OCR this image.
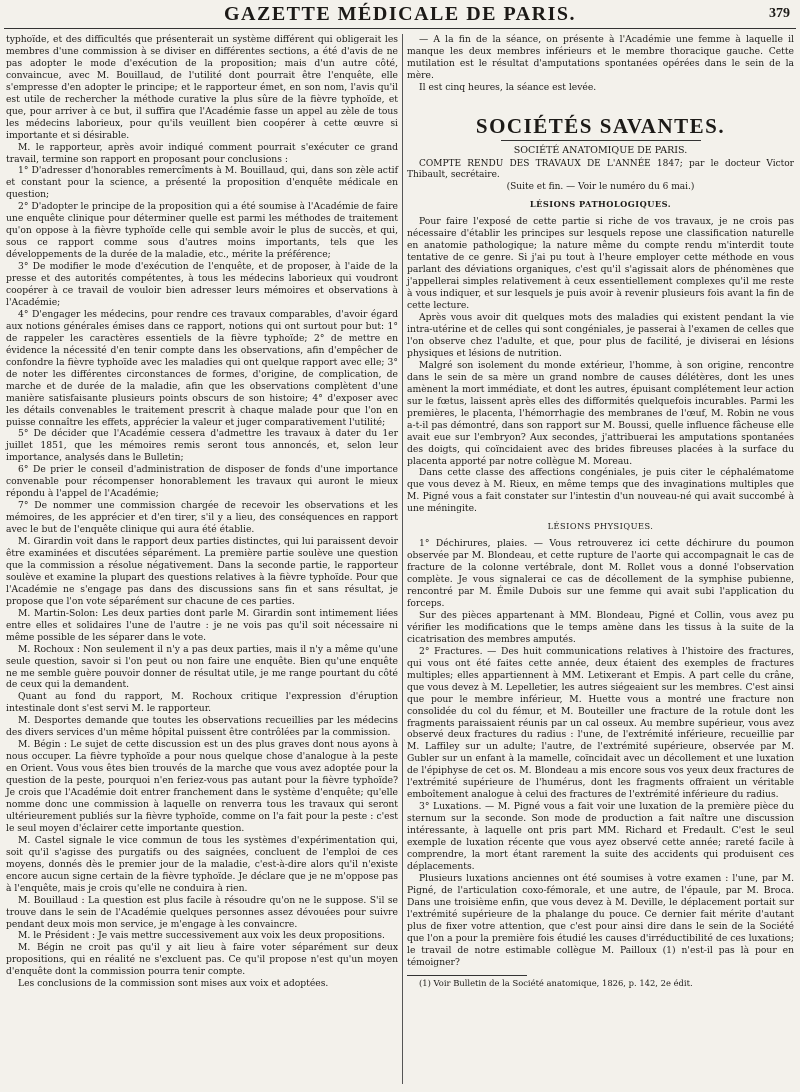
GAZETTE MÉDICALE DE PARIS.	379

typhoïde, et des difficultés que présenterait un système différent qui obligerait les membres d'une commission à se diviser en différentes sections, a été d'avis de ne pas adopter le mode d'exécution de la proposition; mais d'un autre côté, convaincue, avec M. Bouillaud, de l'utilité dont pourrait être l'enquête, elle s'empresse d'en adopter le principe; et le rapporteur émet, en son nom, l'avis qu'il est utile de rechercher la méthode curative la plus sûre de la fièvre typhoïde, et que, pour arriver à ce but, il suffira que l'Académie fasse un appel au zèle de tous les médecins laborieux, pour qu'ils veuillent bien coopérer à cette œuvre si importante et si désirable.

M. le rapporteur, après avoir indiqué comment pourrait s'exécuter ce grand travail, termine son rapport en proposant pour conclusions :

1° D'adresser d'honorables remercîments à M. Bouillaud, qui, dans son zèle actif et constant pour la science, a présenté la proposition d'enquête médicale en question;

2° D'adopter le principe de la proposition qui a été soumise à l'Académie de faire une enquête clinique pour déterminer quelle est parmi les méthodes de traitement qu'on oppose à la fièvre typhoïde celle qui semble avoir le plus de succès, et qui, sous ce rapport comme sous d'autres moins importants, tels que les développements de la durée de la maladie, etc., mérite la préférence;

3° De modifier le mode d'exécution de l'enquête, et de proposer, à l'aide de la presse et des autorités compétentes, à tous les médecins laborieux qui voudront coopérer à ce travail de vouloir bien adresser leurs mémoires et observations à l'Académie;

4° D'engager les médecins, pour rendre ces travaux comparables, d'avoir égard aux notions générales émises dans ce rapport, notions qui ont surtout pour but: 1° de rappeler les caractères essentiels de la fièvre typhoïde; 2° de mettre en évidence la nécessité d'en tenir compte dans les observations, afin d'empêcher de confondre la fièvre typhoïde avec les maladies qui ont quelque rapport avec elle; 3° de noter les différentes circonstances de formes, d'origine, de complication, de marche et de durée de la maladie, afin que les observations complètent d'une manière satisfaisante plusieurs points obscurs de son histoire; 4° d'exposer avec les détails convenables le traitement prescrit à chaque malade pour que l'on en puisse connaître les effets, apprécier la valeur et juger comparativement l'utilité;

5° De décider que l'Académie cessera d'admettre les travaux à dater du 1er juillet 1851, que les mémoires remis seront tous annoncés, et, selon leur importance, analysés dans le Bulletin;

6° De prier le conseil d'administration de disposer de fonds d'une importance convenable pour récompenser honorablement les travaux qui auront le mieux répondu à l'appel de l'Académie;

7° De nommer une commission chargée de recevoir les observations et les mémoires, de les apprécier et d'en tirer, s'il y a lieu, des conséquences en rapport avec le but de l'enquête clinique qui aura été établie.

M. Girardin voit dans le rapport deux parties distinctes, qui lui paraissent devoir être examinées et discutées séparément. La première partie soulève une question que la commission a résolue négativement. Dans la seconde partie, le rapporteur soulève et examine la plupart des questions relatives à la fièvre typhoïde. Pour que l'Académie ne s'engage pas dans des discussions sans fin et sans résultat, je propose que l'on vote séparément sur chacune de ces parties.

M. Martin-Solon: Les deux parties dont parle M. Girardin sont intimement liées entre elles et solidaires l'une de l'autre : je ne vois pas qu'il soit nécessaire ni même possible de les séparer dans le vote.

M. Rochoux : Non seulement il n'y a pas deux parties, mais il n'y a même qu'une seule question, savoir si l'on peut ou non faire une enquête. Bien qu'une enquête ne me semble guère pouvoir donner de résultat utile, je me range pourtant du côté de ceux qui la demandent.

Quant au fond du rapport, M. Rochoux critique l'expression d'éruption intestinale dont s'est servi M. le rapporteur.

M. Desportes demande que toutes les observations recueillies par les médecins des divers services d'un même hôpital puissent être contrôlées par la commission.

M. Bégin : Le sujet de cette discussion est un des plus graves dont nous ayons à nous occuper. La fièvre typhoïde a pour nous quelque chose d'analogue à la peste en Orient. Vous vous êtes bien trouvés de la marche que vous avez adoptée pour la question de la peste, pourquoi n'en feriez-vous pas autant pour la fièvre typhoïde? Je crois que l'Académie doit entrer franchement dans le système d'enquête; qu'elle nomme donc une commission à laquelle on renverra tous les travaux qui seront ultérieurement publiés sur la fièvre typhoïde, comme on l'a fait pour la peste : c'est le seul moyen d'éclairer cette importante question.

M. Castel signale le vice commun de tous les systèmes d'expérimentation qui, soit qu'il s'agisse des purgatifs ou des saignées, concluent de l'emploi de ces moyens, donnés dès le premier jour de la maladie, c'est-à-dire alors qu'il n'existe encore aucun signe certain de la fièvre typhoïde. Je déclare que je ne m'oppose pas à l'enquête, mais je crois qu'elle ne conduira à rien.

M. Bouillaud : La question est plus facile à résoudre qu'on ne le suppose. S'il se trouve dans le sein de l'Académie quelques personnes assez dévouées pour suivre pendant deux mois mon service, je m'engage à les convaincre.

M. le Président : Je vais mettre successivement aux voix les deux propositions.

M. Bégin ne croit pas qu'il y ait lieu à faire voter séparément sur deux propositions, qui en réalité ne s'excluent pas. Ce qu'il propose n'est qu'un moyen d'enquête dont la commission pourra tenir compte.

Les conclusions de la commission sont mises aux voix et adoptées.

— A la fin de la séance, on présente à l'Académie une femme à laquelle il manque les deux membres inférieurs et le membre thoracique gauche. Cette mutilation est le résultat d'amputations spontanées opérées dans le sein de la mère.

Il est cinq heures, la séance est levée.

SOCIÉTÉS SAVANTES.
SOCIÉTÉ ANATOMIQUE DE PARIS.

COMPTE RENDU DES TRAVAUX DE L'ANNÉE 1847; par le docteur Victor Thibault, secrétaire.

(Suite et fin. — Voir le numéro du 6 mai.)

LÉSIONS PATHOLOGIQUES.

Pour faire l'exposé de cette partie si riche de vos travaux, je ne crois pas nécessaire d'établir les principes sur lesquels repose une classification naturelle en anatomie pathologique; la nature même du compte rendu m'interdit toute tentative de ce genre. Si j'ai pu tout à l'heure employer cette méthode en vous parlant des déviations organiques, c'est qu'il s'agissait alors de phénomènes que j'appellerai simples relativement à ceux essentiellement complexes qu'il me reste à vous indiquer, et sur lesquels je puis avoir à revenir plusieurs fois avant la fin de cette lecture.

Après vous avoir dit quelques mots des maladies qui existent pendant la vie intra-utérine et de celles qui sont congéniales, je passerai à l'examen de celles que l'on observe chez l'adulte, et que, pour plus de facilité, je diviserai en lésions physiques et lésions de nutrition.

Malgré son isolement du monde extérieur, l'homme, à son origine, rencontre dans le sein de sa mère un grand nombre de causes délétères, dont les unes amènent la mort immédiate, et dont les autres, épuisant complétement leur action sur le fœtus, laissent après elles des difformités quelquefois incurables. Parmi les premières, le placenta, l'hémorrhagie des membranes de l'œuf, M. Robin ne vous a-t-il pas démontré, dans son rapport sur M. Boussi, quelle influence fâcheuse elle avait eue sur l'embryon? Aux secondes, j'attribuerai les amputations spontanées des doigts, qui coïncidaient avec des brides fibreuses placées à la surface du placenta apporté par notre collègue M. Moreau.

Dans cette classe des affections congéniales, je puis citer le céphalématome que vous devez à M. Rieux, en même temps que des invaginations multiples que M. Pigné vous a fait constater sur l'intestin d'un nouveau-né qui avait succombé à une méningite.

LÉSIONS PHYSIQUES.

1° Déchirures, plaies. — Vous retrouverez ici cette déchirure du poumon observée par M. Blondeau, et cette rupture de l'aorte qui accompagnait le cas de fracture de la colonne vertébrale, dont M. Rollet vous a donné l'observation complète. Je vous signalerai ce cas de décollement de la symphise pubienne, rencontré par M. Émile Dubois sur une femme qui avait subi l'application du forceps.

Sur des pièces appartenant à MM. Blondeau, Pigné et Collin, vous avez pu vérifier les modifications que le temps amène dans les tissus à la suite de la cicatrisation des membres amputés.

2° Fractures. — Des huit communications relatives à l'histoire des fractures, qui vous ont été faites cette année, deux étaient des exemples de fractures multiples; elles appartiennent à MM. Letixerant et Empis. A part celle du crâne, que vous devez à M. Lepelletier, les autres siégeaient sur les membres. C'est ainsi que pour le membre inférieur, M. Huette vous a montré une fracture non consolidée du col du fémur, et M. Bouteiller une fracture de la rotule dont les fragments paraissaient réunis par un cal osseux. Au membre supérieur, vous avez observé deux fractures du radius : l'une, de l'extrémité inférieure, recueillie par M. Laffiley sur un adulte; l'autre, de l'extrémité supérieure, observée par M. Gubler sur un enfant à la mamelle, coïncidait avec un décollement et une luxation de l'épiphyse de cet os. M. Blondeau a mis encore sous vos yeux deux fractures de l'extrémité supérieure de l'humérus, dont les fragments offraient un véritable emboîtement analogue à celui des fractures de l'extrémité inférieure du radius.

3° Luxations. — M. Pigné vous a fait voir une luxation de la première pièce du sternum sur la seconde. Son mode de production a fait naître une discussion intéressante, à laquelle ont pris part MM. Richard et Fredault. C'est le seul exemple de luxation récente que vous ayez observé cette année; rareté facile à comprendre, la mort étant rarement la suite des accidents qui produisent ces déplacements.

Plusieurs luxations anciennes ont été soumises à votre examen : l'une, par M. Pigné, de l'articulation coxo-fémorale, et une autre, de l'épaule, par M. Broca. Dans une troisième enfin, que vous devez à M. Deville, le déplacement portait sur l'extrémité supérieure de la phalange du pouce. Ce dernier fait mérite d'autant plus de fixer votre attention, que c'est pour ainsi dire dans le sein de la Société que l'on a pour la première fois étudié les causes d'irréductibilité de ces luxations; le travail de notre estimable collègue M. Pailloux (1) n'est-il pas là pour en témoigner?

(1) Voir Bulletin de la Société anatomique, 1826, p. 142, 2e édit.
